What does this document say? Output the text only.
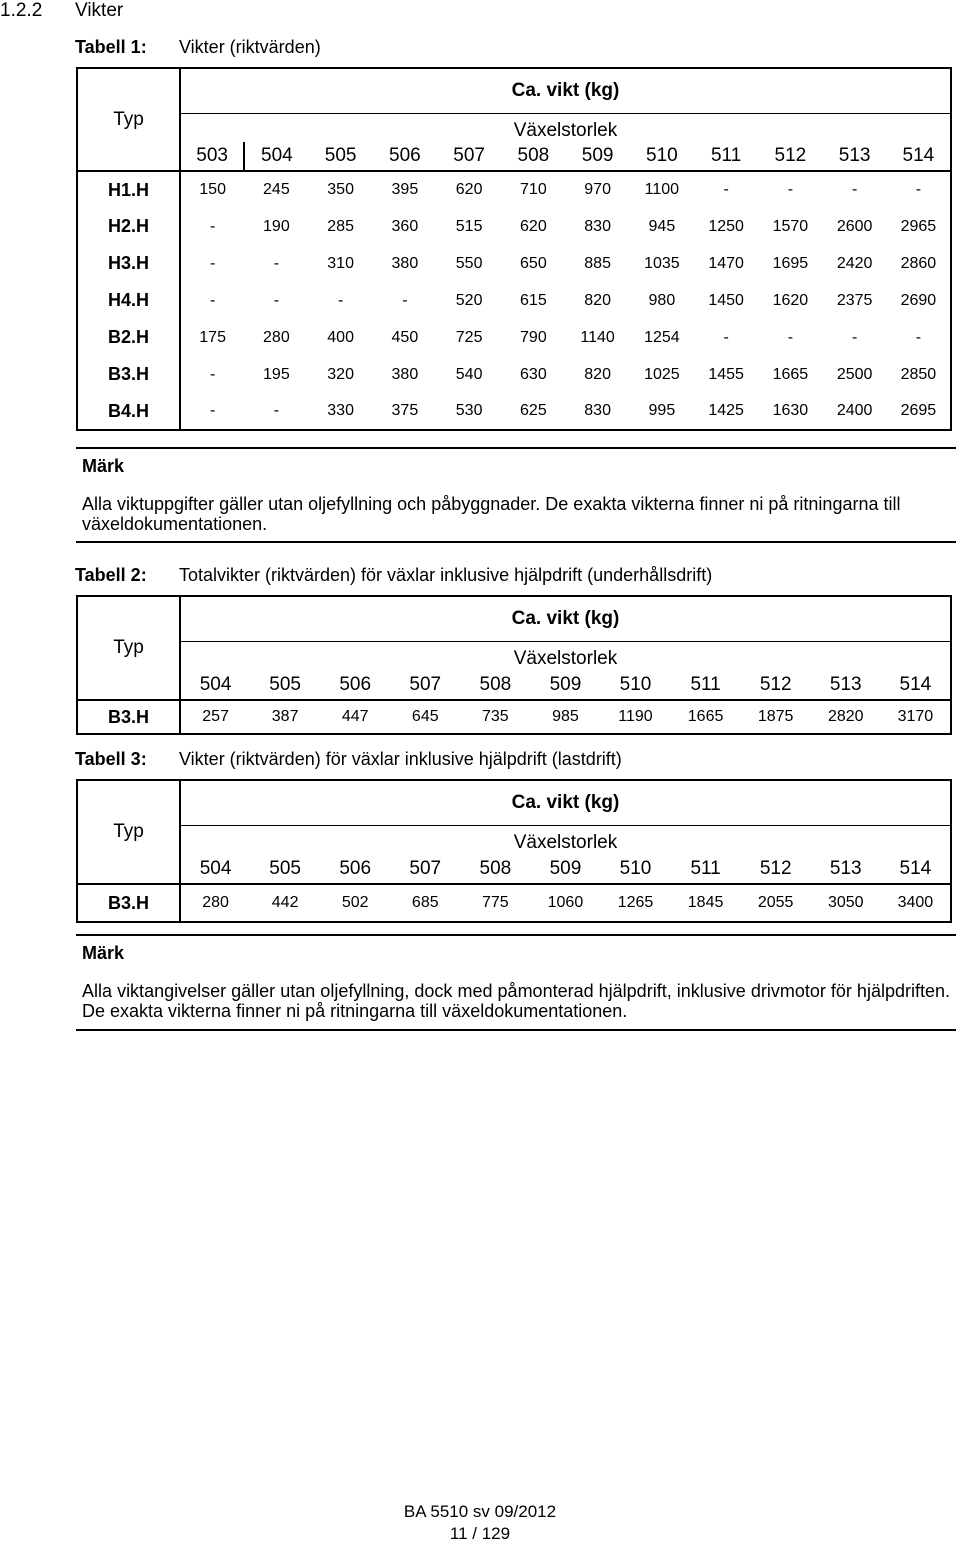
1.2.2 Vikter
Tabell 1: Vikter (riktvärden)
Typ	Ca. vikt (kg)											
	Växelstorlek											
	503	504	505	506	507	508	509	510	511	512	513	514
H1.H	150	245	350	395	620	710	970	1100	-	-	-	-
H2.H	-	190	285	360	515	620	830	945	1250	1570	2600	2965
H3.H	-	-	310	380	550	650	885	1035	1470	1695	2420	2860
H4.H	-	-	-	-	520	615	820	980	1450	1620	2375	2690
B2.H	175	280	400	450	725	790	1140	1254	-	-	-	-
B3.H	-	195	320	380	540	630	820	1025	1455	1665	2500	2850
B4.H	-	-	330	375	530	625	830	995	1425	1630	2400	2695
Märk
Alla viktuppgifter gäller utan oljefyllning och påbyggnader. De exakta vikterna finner ni på ritningarna till växeldokumentationen.
Tabell 2: Totalvikter (riktvärden) för växlar inklusive hjälpdrift (underhållsdrift)
Typ	Ca. vikt (kg)										
	Växelstorlek										
	504	505	506	507	508	509	510	511	512	513	514
B3.H	257	387	447	645	735	985	1190	1665	1875	2820	3170
Tabell 3: Vikter (riktvärden) för växlar inklusive hjälpdrift (lastdrift)
Typ	Ca. vikt (kg)										
	Växelstorlek										
	504	505	506	507	508	509	510	511	512	513	514
B3.H	280	442	502	685	775	1060	1265	1845	2055	3050	3400
Märk
Alla viktangivelser gäller utan oljefyllning, dock med påmonterad hjälpdrift, inklusive drivmotor för hjälpdriften. De exakta vikterna finner ni på ritningarna till växeldokumentationen.
BA 5510 sv 09/2012
11 / 129
